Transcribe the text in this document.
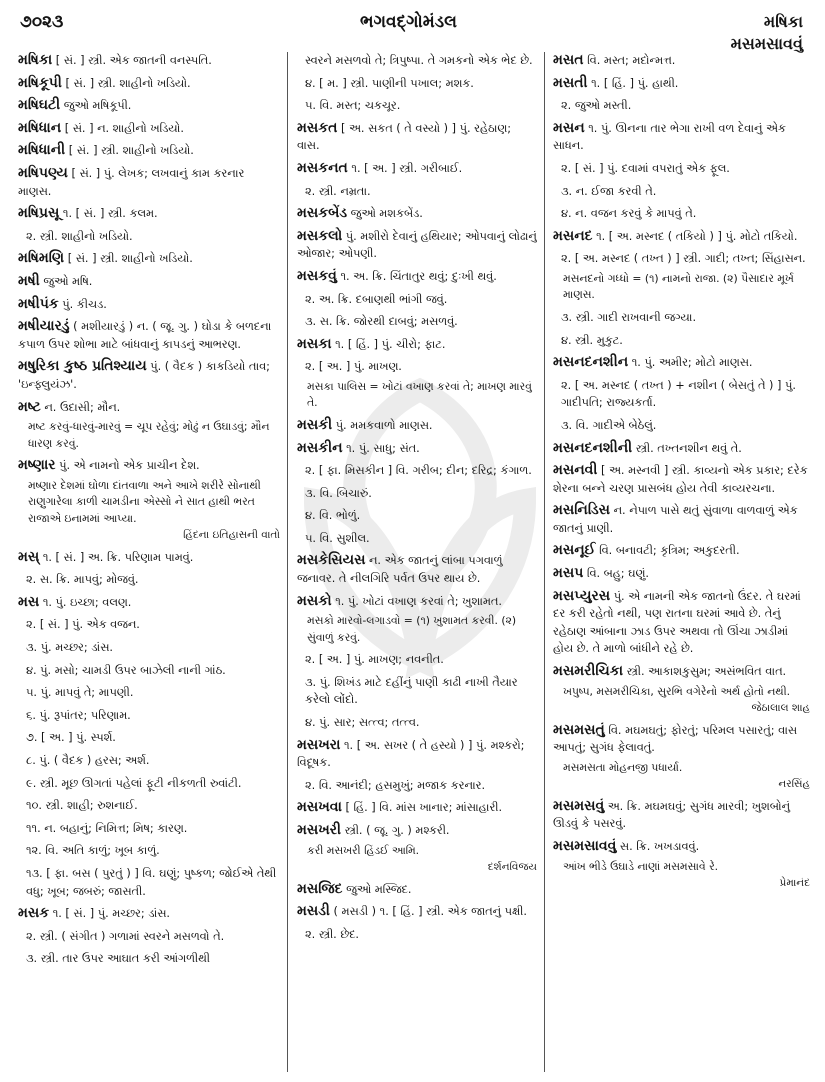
૭૦૨૩	ભગવદ્ગોમંડલ	મષિકા
મસમસાવવું
મષિકા [ સં. ] સ્ત્રી. એક જાતની વનસ્પતિ.
મષિકૂપી [ સં. ] સ્ત્રી. શાહીનો ખડિયો.
મષિઘટી જુઓ મષિકૂપી.
મષિધાન [ સં. ] ન. શાહીનો ખડિયો.
મષિધાની [ સં. ] સ્ત્રી. શાહીનો ખડિયો.
મષિપણ્ય [ સં. ] પું. લેખક; લખવાનું કામ કરનાર માણસ.
મષિપ્રસૂ ૧. [ સં. ] સ્ત્રી. કલમ.
૨. સ્ત્રી. શાહીનો ખડિયો.
મષિમણિ [ સં. ] સ્ત્રી. શાહીનો ખડિયો.
મષી જુઓ મષિ.
મષીપંક પું. કીચડ.
મષીયારડું ( મશીયારડું ) ન. ( જૂ. ગુ. ) ઘોડા કે બળદના કપાળ ઉપર શોભા માટે બાંધવાનું કાપડનું આભરણ.
મષુરિકા કુષ્ઠ પ્રતિશ્યાય પું. ( વૈદક ) કાકડિયો તાવ; 'ઇન્ફ્લુયંઝ'.
મષ્ટ ન. ઉદાસી; મૌન.
મષ્ટ કરવું-ધારવું-મારવું = ચૂપ રહેવું; મોઢું ન ઉઘાડવું; મૌન ધારણ કરવું.
મષ્ણાર પું. એ નામનો એક પ્રાચીન દેશ.
મષ્ણાર દેશમાં ઘોળા દાંતવાળા અને આખે શરીરે સોનાથી રાણુગારેલા કાળી ચામડીના એસ્સો ને સાત હાથી ભરત રાજાએ ઇનામમાં આપ્યા.
હિંદના ઇતિહાસની વાતો
મસ્ ૧. [ સં. ] અ. ક્રિ. પરિણામ પામવું.
૨. સ. ક્રિ. માપવું; મોજવું.
મસ ૧. પું. ઇચ્છા; વલણ.
૨. [ સં. ] પું. એક વજન.
૩. પું. મચ્છર; ડાંસ.
૪. પું. મસો; ચામડી ઉપર બાઝેલી નાની ગાંઠ.
૫. પું. માપવું તે; માપણી.
૬. પું. રૂપાંતર; પરિણામ.
૭. [ અ. ] પું. સ્પર્શ.
૮. પું. ( વૈદક ) હરસ; અર્શ.
૯. સ્ત્રી. મૂછ ઊગતાં પહેલાં ફૂટી નીકળતી રુવાંટી.
૧૦. સ્ત્રી. શાહી; રુશનાઈ.
૧૧. ન. બહાનું; નિમિત્ત; મિષ; કારણ.
૧૨. વિ. અતિ કાળું; ખૂબ કાળું.
૧૩. [ ફા. બસ ( પુરતું ) ] વિ. ઘણું; પુષ્કળ; જોઈએ તેથી વધુ; ખૂબ; જબરું; જાસતી.
મસક ૧. [ સં. ] પું. મચ્છર; ડાંસ.
૨. સ્ત્રી. ( સંગીત ) ગળામાં સ્વરને મસળવો તે.
૩. સ્ત્રી. તાર ઉપર આઘાત કરી આંગળીથી
સ્વરને મસળવો તે; ત્રિપુષ્પા. તે ગમકનો એક ભેદ છે.
૪. [ મ. ] સ્ત્રી. પાણીની પખાલ; મશક.
૫. વિ. મસ્ત; ચકચૂર.
મસકત [ અ. સકત ( તે વસ્યો ) ] પું. રહેઠાણ; વાસ.
મસકનત ૧. [ અ. ] સ્ત્રી. ગરીબાઈ.
૨. સ્ત્રી. નમ્રતા.
મસકબેંડ જુઓ મશકબેંડ.
મસકલો પું. મશીરો દેવાનું હથિયાર; ઓપવાનું લોઢાનું ઓજાર; ઓપણી.
મસકવું ૧. અ. ક્રિ. ચિંતાતુર થવું; દુઃખી થવું.
૨. અ. ક્રિ. દબાણથી ભાંગી જવું.
૩. સ. ક્રિ. જોરથી દાબવું; મસળવું.
મસકા ૧. [ હિં. ] પું. ચીરો; ફાટ.
૨. [ અ. ] પું. માખણ.
મસકા પાલિસ = ખોટાં વખાણ કરવાં તે; માખણ મારવું તે.
મસકી પું. મમકવાળો માણસ.
મસકીન ૧. પું. સાધુ; સંત.
૨. [ ફા. મિસકીન ] વિ. ગરીબ; દીન; દરિદ્ર; કંગાળ.
૩. વિ. બિચારું.
૪. વિ. ભોળું.
૫. વિ. સુશીલ.
મસકેસિયસ ન. એક જાતનું લાંબા પગવાળું જનાવર. તે નીલગિરિ પર્વત ઉપર થાય છે.
મસકો ૧. પું. ખોટાં વખાણ કરવાં તે; ખુશામત.
મસકો મારવો-લગાડવો = (૧) ખુશામત કરવી. (૨) સુંવાળું કરવું.
૨. [ અ. ] પું. માખણ; નવનીત.
૩. પું. શિખંડ માટે દહીંનું પાણી કાઢી નાખી તૈયાર કરેલો લોંદો.
૪. પું. સાર; સત્ત્વ; તત્ત્વ.
મસખરા ૧. [ અ. સખર ( તે હસ્યો ) ] પું. મશ્કરો; વિદૂષક.
૨. વિ. આનંદી; હસમુખું; મજાક કરનાર.
મસખવા [ હિં. ] વિ. માંસ ખાનાર; માંસાહારી.
મસખરી સ્ત્રી. ( જૂ. ગુ. ) મશ્કરી.
કરી મસખરી હિંડઈ આમિ.
દર્શનવિજય
મસજિદ જુઓ મસ્જિદ.
મસડી ( મસડી ) ૧. [ હિં. ] સ્ત્રી. એક જાતનું પક્ષી.
૨. સ્ત્રી. છેદ.
મસત વિ. મસ્ત; મદોન્મત્ત.
મસતી ૧. [ હિં. ] પું. હાથી.
૨. જુઓ મસ્તી.
મસન ૧. પું. ઊનના તાર ભેગા રાખી વળ દેવાનું એક સાધન.
૨. [ સં. ] પું. દવામાં વપરાતું એક ફૂલ.
૩. ન. ઈજા કરવી તે.
૪. ન. વજન કરવું કે માપવું તે.
મસનદ ૧. [ અ. મસ્નદ ( તકિયો ) ] પું. મોટો તકિયો.
૨. [ અ. મસ્નદ ( તખ્ત ) ] સ્ત્રી. ગાદી; તખ્ત; સિંહાસન.
મસનદનો ગધ્ધો = (૧) નામનો રાજા. (૨) પૈસાદાર મૂર્ખ માણસ.
૩. સ્ત્રી. ગાદી રાખવાની જગ્યા.
૪. સ્ત્રી. મુકુટ.
મસનદનશીન ૧. પું. અમીર; મોટો માણસ.
૨. [ અ. મસ્નદ ( તખ્ત ) + નશીન ( બેસતું તે ) ] પું. ગાદીપતિ; રાજ્યકર્તા.
૩. વિ. ગાદીએ બેઠેલું.
મસનદનશીની સ્ત્રી. તખ્તનશીન થવું તે.
મસનવી [ અ. મસ્નવી ] સ્ત્રી. કાવ્યનો એક પ્રકાર; દરેક શેરના બન્ને ચરણ પ્રાસબંધ હોય તેવી કાવ્યરચના.
મસનિડિસ ન. નેપાળ પાસે થતું સુંવાળા વાળવાળું એક જાતનું પ્રાણી.
મસનૂઈ વિ. બનાવટી; કૃત્રિમ; અકુદરતી.
મસપ વિ. બહુ; ઘણું.
મસપ્યુરસ પું. એ નામની એક જાતનો ઉંદર. તે ઘરમાં દર કરી રહેતો નથી, પણ રાતના ઘરમાં આવે છે. તેનું રહેઠાણ આંબાના ઝાડ ઉપર અથવા તો ઊંચા ઝાડીમાં હોય છે. તે માળો બાંધીને રહે છે.
મસમરીચિકા સ્ત્રી. આકાશકુસુમ; અસંભવિત વાત.
ખપુષ્પ, મસમરીચિકા, સુરભિ વગેરેનો અર્થ હોતો નથી.
જેઠાલાલ શાહ
મસમસતું વિ. મઘમઘતું; ફોરતું; પરિમલ પસારતું; વાસ આપતું; સુગંધ ફેલાવતું.
મસમસતા મોહનજી પધાર્યા.
નરસિંહ
મસમસવું અ. ક્રિ. મઘમઘવું; સુગંધ મારવી; ખુશબોનું ઊડવું કે પસરવું.
મસમસાવવું સ. ક્રિ. ખખડાવવું.
આંખ ભીડે ઉઘાડે નાણાં મસમસાવે રે.
પ્રેમાનંદ
